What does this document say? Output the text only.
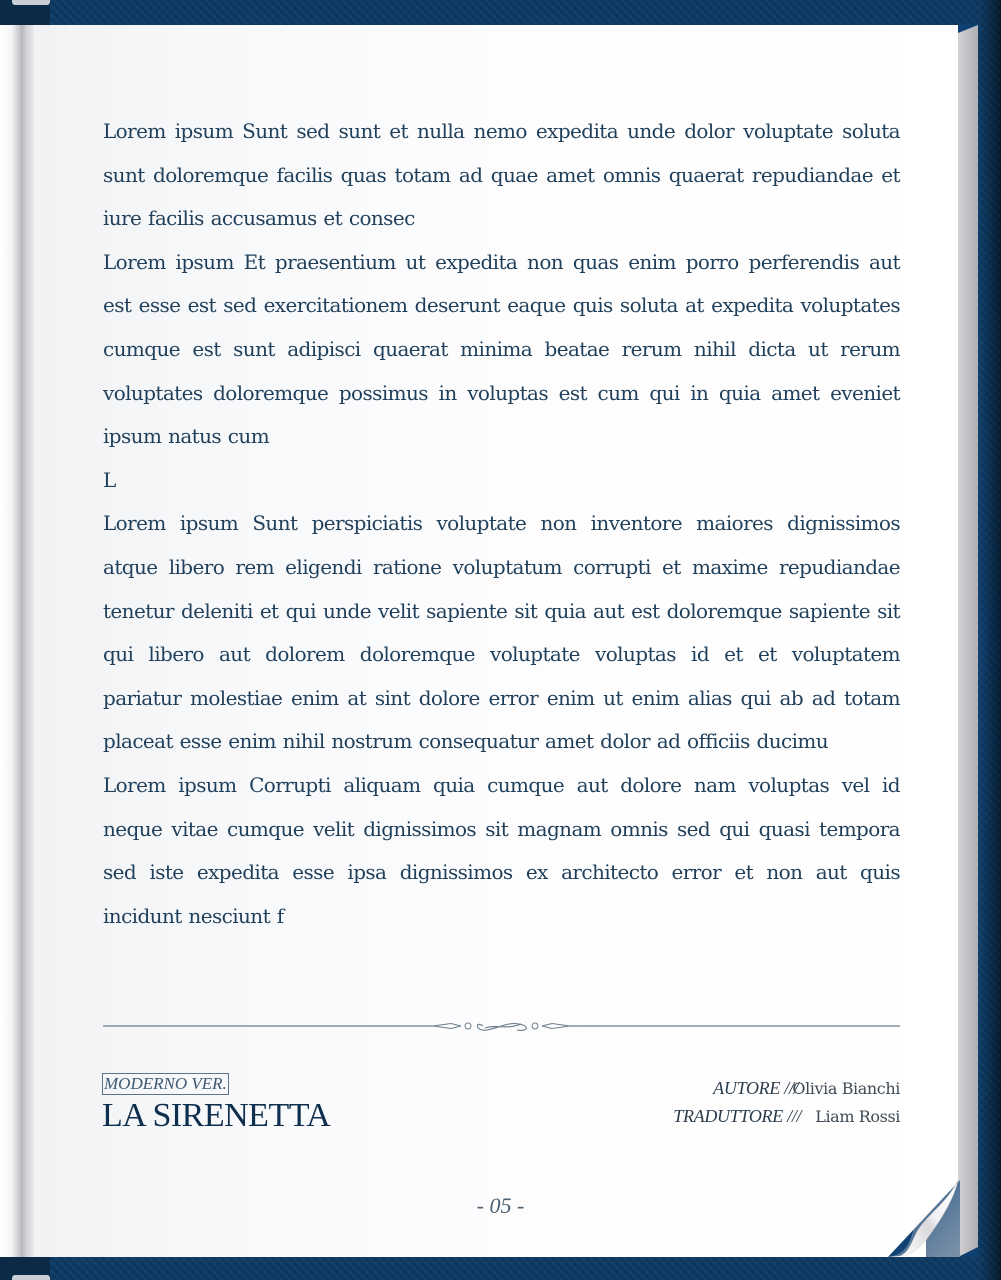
Lorem ipsum Sunt sed sunt et nulla nemo expedita unde dolor voluptate soluta sunt doloremque facilis quas totam ad quae amet omnis quaerat repudiandae et iure facilis accusamus et consec

Lorem ipsum Et praesentium ut expedita non quas enim porro perferendis aut est esse est sed exercitationem deserunt eaque quis soluta at expedita voluptates cumque est sunt adipisci quaerat minima beatae rerum nihil dicta ut rerum voluptates doloremque possimus in voluptas est cum qui in quia amet eveniet ipsum natus cum

L

Lorem ipsum Sunt perspiciatis voluptate non inventore maiores dignissimos atque libero rem eligendi ratione voluptatum corrupti et maxime repudiandae tenetur deleniti et qui unde velit sapiente sit quia aut est doloremque sapiente sit qui libero aut dolorem doloremque voluptate voluptas id et et voluptatem pariatur molestiae enim at sint dolore error enim ut enim alias qui ab ad totam placeat esse enim nihil nostrum consequatur amet dolor ad officiis ducimu

Lorem ipsum Corrupti aliquam quia cumque aut dolore nam voluptas vel id neque vitae cumque velit dignissimos sit magnam omnis sed qui quasi tempora sed iste expedita esse ipsa dignissimos ex architecto error et non aut quis incidunt nesciunt f

MODERNO VER.
LA SIRENETTA
AUTORE ///
Olivia Bianchi
TRADUTTORE /// Liam Rossi
- 05 -
